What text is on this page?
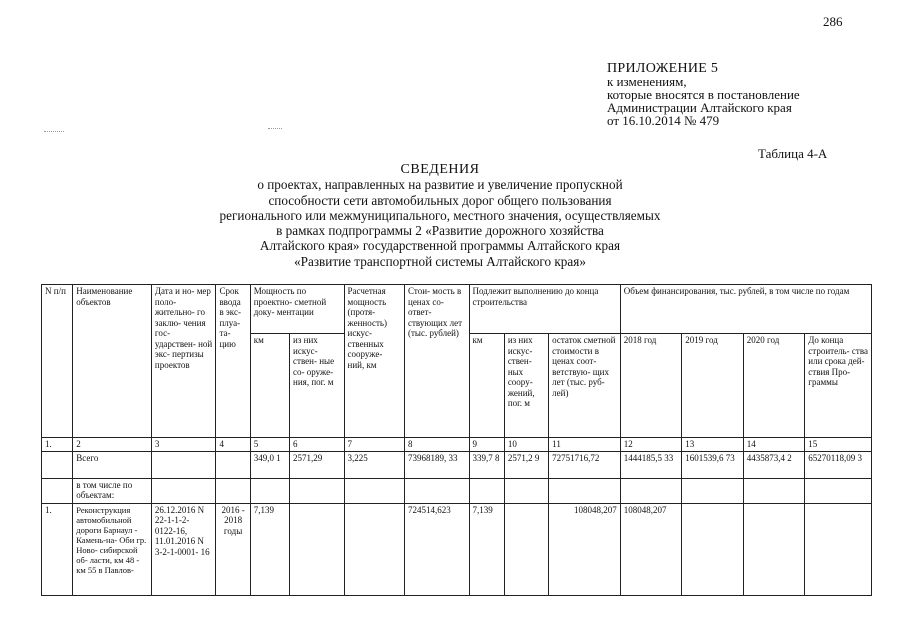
286
ПРИЛОЖЕНИЕ 5
к изменениям,
которые вносятся в постановление
Администрации Алтайского края
от 16.10.2014 № 479
Таблица 4-А
СВЕДЕНИЯ
о проектах, направленных на развитие и увеличение пропускной
способности сети автомобильных дорог общего пользования
регионального или межмуниципального, местного значения, осуществляемых
в рамках подпрограммы 2 «Развитие дорожного хозяйства
Алтайского края» государственной программы Алтайского края
«Развитие транспортной системы Алтайского края»
N п/п	Наименование объектов	Дата и но- мер поло- жительно- го заклю- чения гос- ударствен- ной экс- пертизы проектов	Срок ввода в экс- плуа- та- цию	Мощность по проектно- сметной доку- ментации		Расчетная мощность (протя- женность) искус- ственных сооруже- ний, км	Стои- мость в ценах со- ответ- ствующих лет (тыс. рублей)	Подлежит выполнению до конца строительства			Объем финансирования, тыс. рублей, в том числе по годам			
				км	из них искус- ствен- ные со- оруже- ния, пог. м			км	из них искус- ствен- ных соору- жений, пог. м	остаток сметной стоимости в ценах соот- ветствую- щих лет (тыс. руб- лей)	2018 год	2019 год	2020 год	До конца строитель- ства или срока дей- ствия Про- граммы
1.	2	3	4	5	6	7	8	9	10	11	12	13	14	15
	Всего			349,0 1	2571,29	3,225	73968189, 33	339,7 8	2571,2 9	72751716,72	1444185,5 33	1601539,6 73	4435873,4 2	65270118,09 3
	в том числе по объектам:													
1.	Реконструкция автомобильной дороги Барнаул - Камень-на- Оби гр. Ново- сибирской об- ласти, км 48 - км 55 в Павлов-	26.12.2016 N 22-1-1-2- 0122-16, 11.01.2016 N 3-2-1-0001- 16	2016 - 2018 годы	7,139			724514,623	7,139		108048,207	108048,207			
